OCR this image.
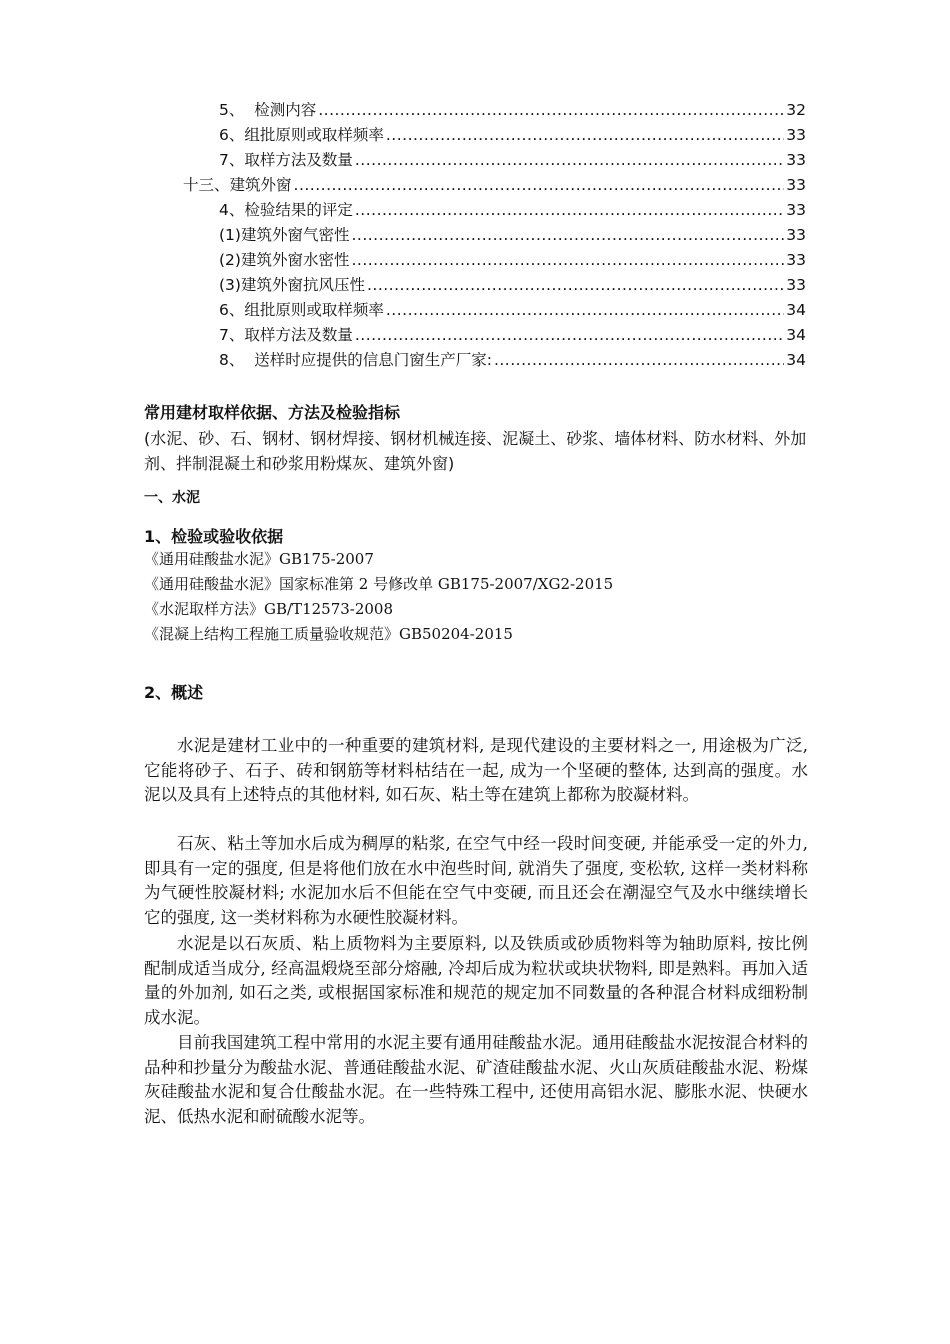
5、  检测内容 .....	32
6、组批原则或取样频率 .....	33
7、取样方法及数量 .....	33
十三、建筑外窗 .....	33
4、检验结果的评定 .....	33
(1)建筑外窗气密性 .....	33
(2)建筑外窗水密性 .....	33
(3)建筑外窗抗风压性 .....	33
6、组批原则或取样频率 .....	34
7、取样方法及数量 .....	34
8、  送样时应提供的信息门窗生产厂家: .....	34
常用建材取样依据、方法及检验指标
(水泥、砂、石、钢材、钢材焊接、钢材机械连接、泥凝土、砂浆、墙体材料、防水材料、外加剂、拌制混凝土和砂浆用粉煤灰、建筑外窗)
一、水泥
1、检验或验收依据
《通用硅酸盐水泥》GB175-2007
《通用硅酸盐水泥》国家标准第 2 号修改单 GB175-2007/XG2-2015
《水泥取样方法》GB/T12573-2008
《混凝上结构工程施工质量验收规范》GB50204-2015
2、概述

水泥是建材工业中的一种重要的建筑材料, 是现代建设的主要材料之一, 用途极为广泛, 它能将砂子、石子、砖和钢筋等材料枯结在一起, 成为一个坚硬的整体, 达到高的强度。水泥以及具有上述特点的其他材料, 如石灰、粘土等在建筑上都称为胶凝材料。

石灰、粘土等加水后成为稠厚的粘浆, 在空气中经一段时间变硬, 并能承受一定的外力, 即具有一定的强度, 但是将他们放在水中泡些时间, 就消失了强度, 变松软, 这样一类材料称为气硬性胶凝材料; 水泥加水后不但能在空气中变硬, 而且还会在潮湿空气及水中继续增长它的强度, 这一类材料称为水硬性胶凝材料。

水泥是以石灰质、粘上质物料为主要原料, 以及铁质或砂质物料等为轴助原料, 按比例配制成适当成分, 经高温煅烧至部分熔融, 冷却后成为粒状或块状物料, 即是熟料。再加入适量的外加剂, 如石之类, 或根据国家标准和规范的规定加不同数量的各种混合材料成细粉制成水泥。

目前我国建筑工程中常用的水泥主要有通用硅酸盐水泥。通用硅酸盐水泥按混合材料的品种和抄量分为酸盐水泥、普通硅酸盐水泥、矿渣硅酸盐水泥、火山灰质硅酸盐水泥、粉煤灰硅酸盐水泥和复合仕酸盐水泥。在一些特殊工程中, 还使用高铝水泥、膨胀水泥、快硬水泥、低热水泥和耐硫酸水泥等。
